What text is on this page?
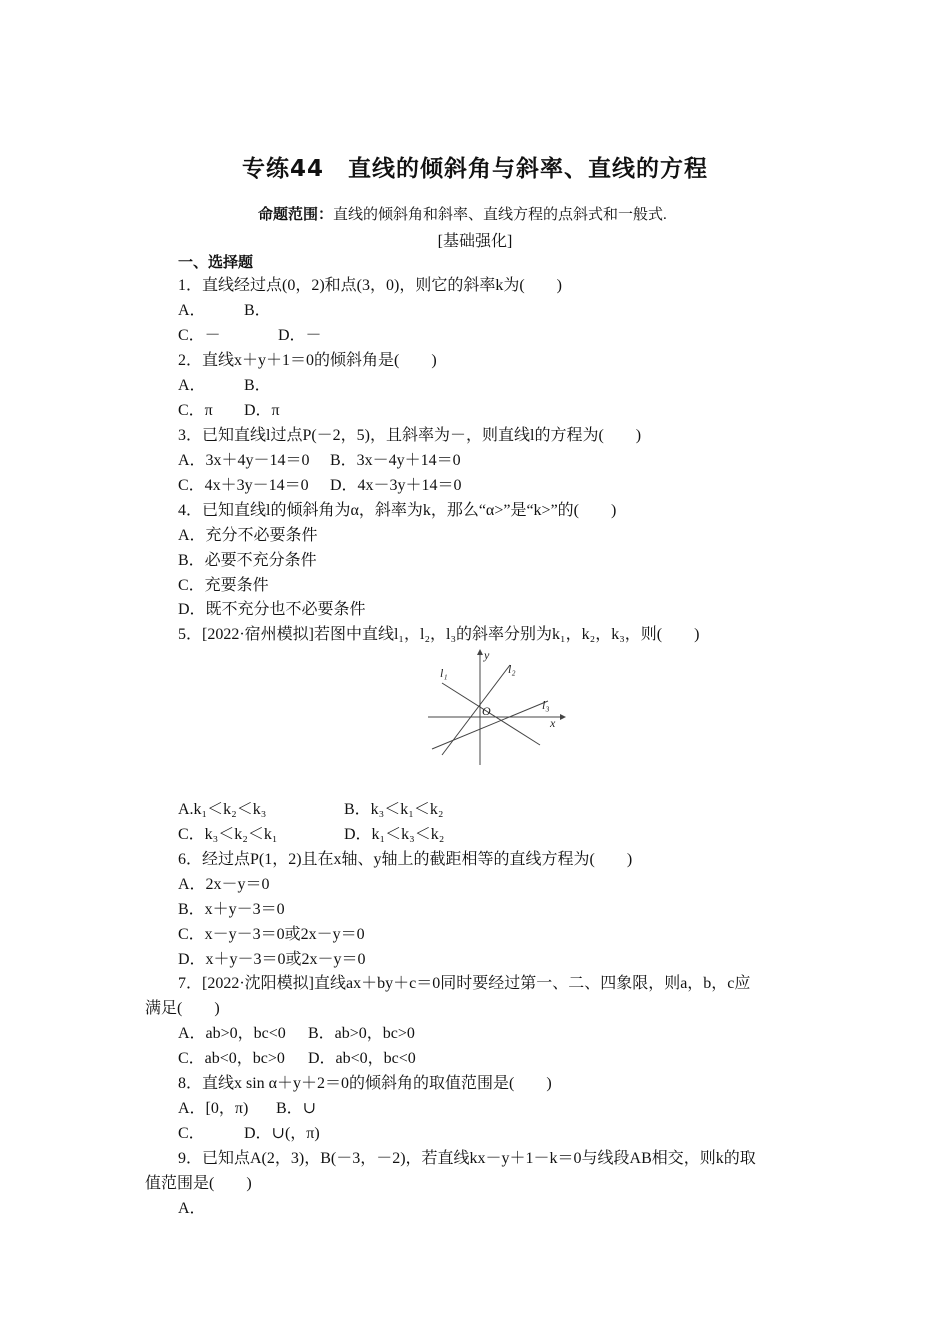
专练44　直线的倾斜角与斜率、直线的方程
命题范围：直线的倾斜角和斜率、直线方程的点斜式和一般式.
[基础强化]
一、选择题
1．直线经过点(0，2)和点(3，0)，则它的斜率k为(　　)
A． B．
C．－	D．－
2．直线x＋y＋1＝0的倾斜角是(　　)
A． B．
C．π D．π
3．已知直线l过点P(－2，5)，且斜率为－，则直线l的方程为(　　)
A．3x＋4y－14＝0 B．3x－4y＋14＝0
C．4x＋3y－14＝0 D．4x－3y＋14＝0
4．已知直线l的倾斜角为α，斜率为k，那么“α>”是“k>”的(　　)
A．充分不必要条件
B．必要不充分条件
C．充要条件
D．既不充分也不必要条件
5．[2022·宿州模拟]若图中直线l₁，l₂，l₃的斜率分别为k₁，k₂，k₃，则(　　)
y
x
O
l₁	l₂
l₃
A.k₁＜k₂＜k₃	B．k₃＜k₁＜k₂
C．k₃＜k₂＜k₁	D．k₁＜k₃＜k₂
6．经过点P(1，2)且在x轴、y轴上的截距相等的直线方程为(　　)
A．2x－y＝0
B．x＋y－3＝0
C．x－y－3＝0或2x－y＝0
D．x＋y－3＝0或2x－y＝0
7．[2022·沈阳模拟]直线ax＋by＋c＝0同时要经过第一、二、四象限，则a，b，c应
满足(　　)
A．ab>0，bc<0 B．ab>0，bc>0
C．ab<0，bc>0 D．ab<0，bc<0
8．直线x sin α＋y＋2＝0的倾斜角的取值范围是(　　)
A．[0，π) B．∪
C． D．∪(，π)
9．已知点A(2，3)，B(－3，－2)，若直线kx－y＋1－k＝0与线段AB相交，则k的取
值范围是(　　)
A．
